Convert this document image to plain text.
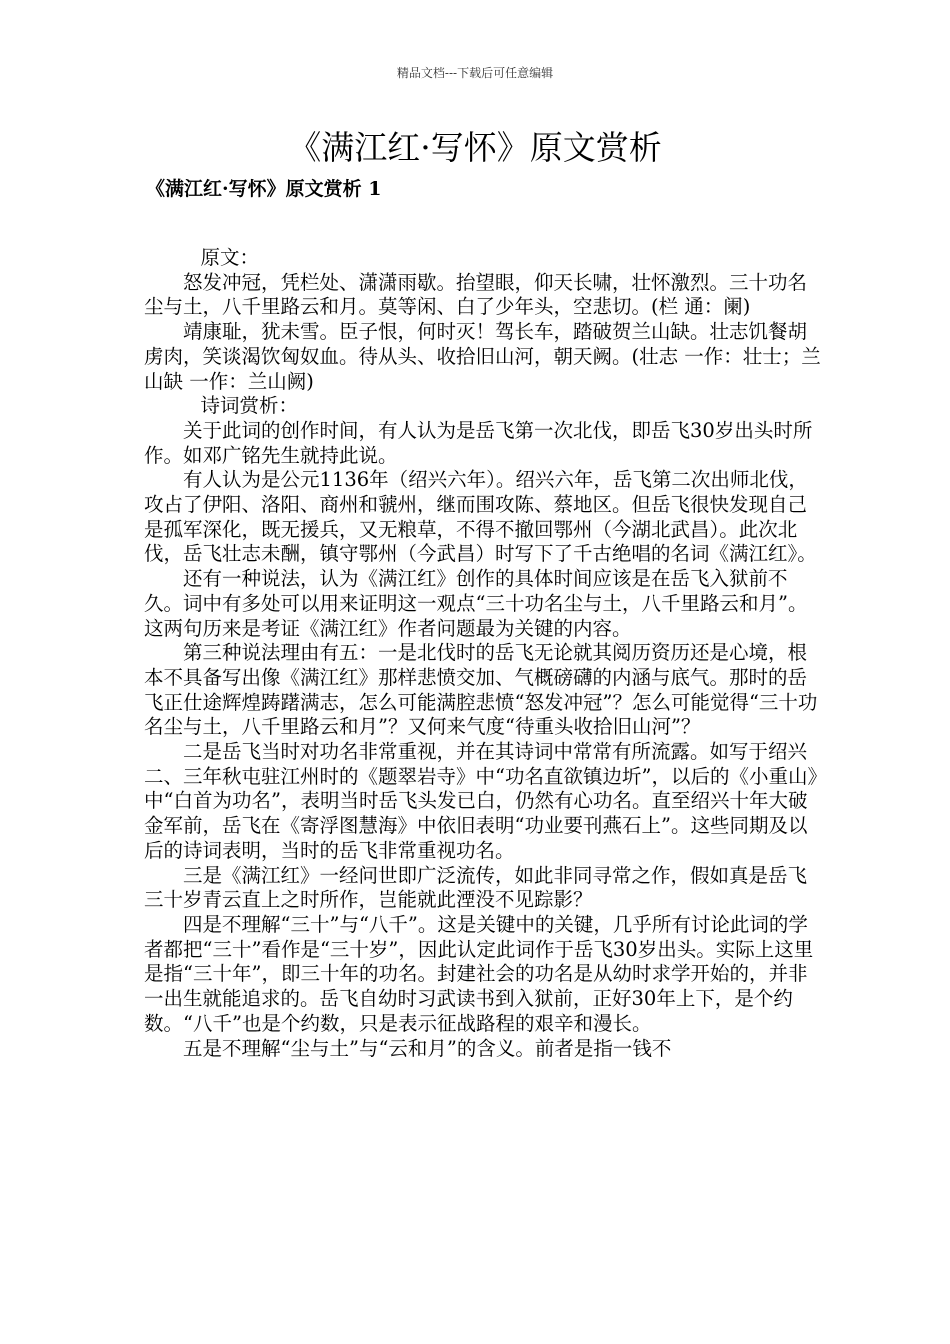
精品文档---下载后可任意编辑
《满江红·写怀》原文赏析
《满江红·写怀》原文赏析 1

原文：

怒发冲冠，凭栏处、潇潇雨歇。抬望眼，仰天长啸，壮怀激烈。三十功名尘与土，八千里路云和月。莫等闲、白了少年头，空悲切。(栏 通：阑)

靖康耻，犹未雪。臣子恨，何时灭！驾长车，踏破贺兰山缺。壮志饥餐胡虏肉，笑谈渴饮匈奴血。待从头、收拾旧山河，朝天阙。(壮志 一作：壮士；兰山缺 一作：兰山阙)

诗词赏析：

关于此词的创作时间，有人认为是岳飞第一次北伐，即岳飞30岁出头时所作。如邓广铭先生就持此说。

有人认为是公元1136年（绍兴六年）。绍兴六年，岳飞第二次出师北伐，攻占了伊阳、洛阳、商州和虢州，继而围攻陈、蔡地区。但岳飞很快发现自己是孤军深化，既无援兵，又无粮草，不得不撤回鄂州（今湖北武昌）。此次北伐，岳飞壮志未酬，镇守鄂州（今武昌）时写下了千古绝唱的名词《满江红》。

还有一种说法，认为《满江红》创作的具体时间应该是在岳飞入狱前不久。词中有多处可以用来证明这一观点“三十功名尘与土，八千里路云和月”。这两句历来是考证《满江红》作者问题最为关键的内容。

第三种说法理由有五：一是北伐时的岳飞无论就其阅历资历还是心境，根本不具备写出像《满江红》那样悲愤交加、气概磅礴的内涵与底气。那时的岳飞正仕途辉煌踌躇满志，怎么可能满腔悲愤“怒发冲冠”？怎么可能觉得“三十功名尘与土，八千里路云和月”？又何来气度“待重头收拾旧山河”？

二是岳飞当时对功名非常重视，并在其诗词中常常有所流露。如写于绍兴二、三年秋屯驻江州时的《题翠岩寺》中“功名直欲镇边圻”，以后的《小重山》中“白首为功名”，表明当时岳飞头发已白，仍然有心功名。直至绍兴十年大破金军前，岳飞在《寄浮图慧海》中依旧表明“功业要刊燕石上”。这些同期及以后的诗词表明，当时的岳飞非常重视功名。

三是《满江红》一经问世即广泛流传，如此非同寻常之作，假如真是岳飞三十岁青云直上之时所作，岂能就此湮没不见踪影？

四是不理解“三十”与“八千”。这是关键中的关键，几乎所有讨论此词的学者都把“三十”看作是“三十岁”，因此认定此词作于岳飞30岁出头。实际上这里是指“三十年”，即三十年的功名。封建社会的功名是从幼时求学开始的，并非一出生就能追求的。岳飞自幼时习武读书到入狱前，正好30年上下，是个约数。“八千”也是个约数，只是表示征战路程的艰辛和漫长。

五是不理解“尘与土”与“云和月”的含义。前者是指一钱不
